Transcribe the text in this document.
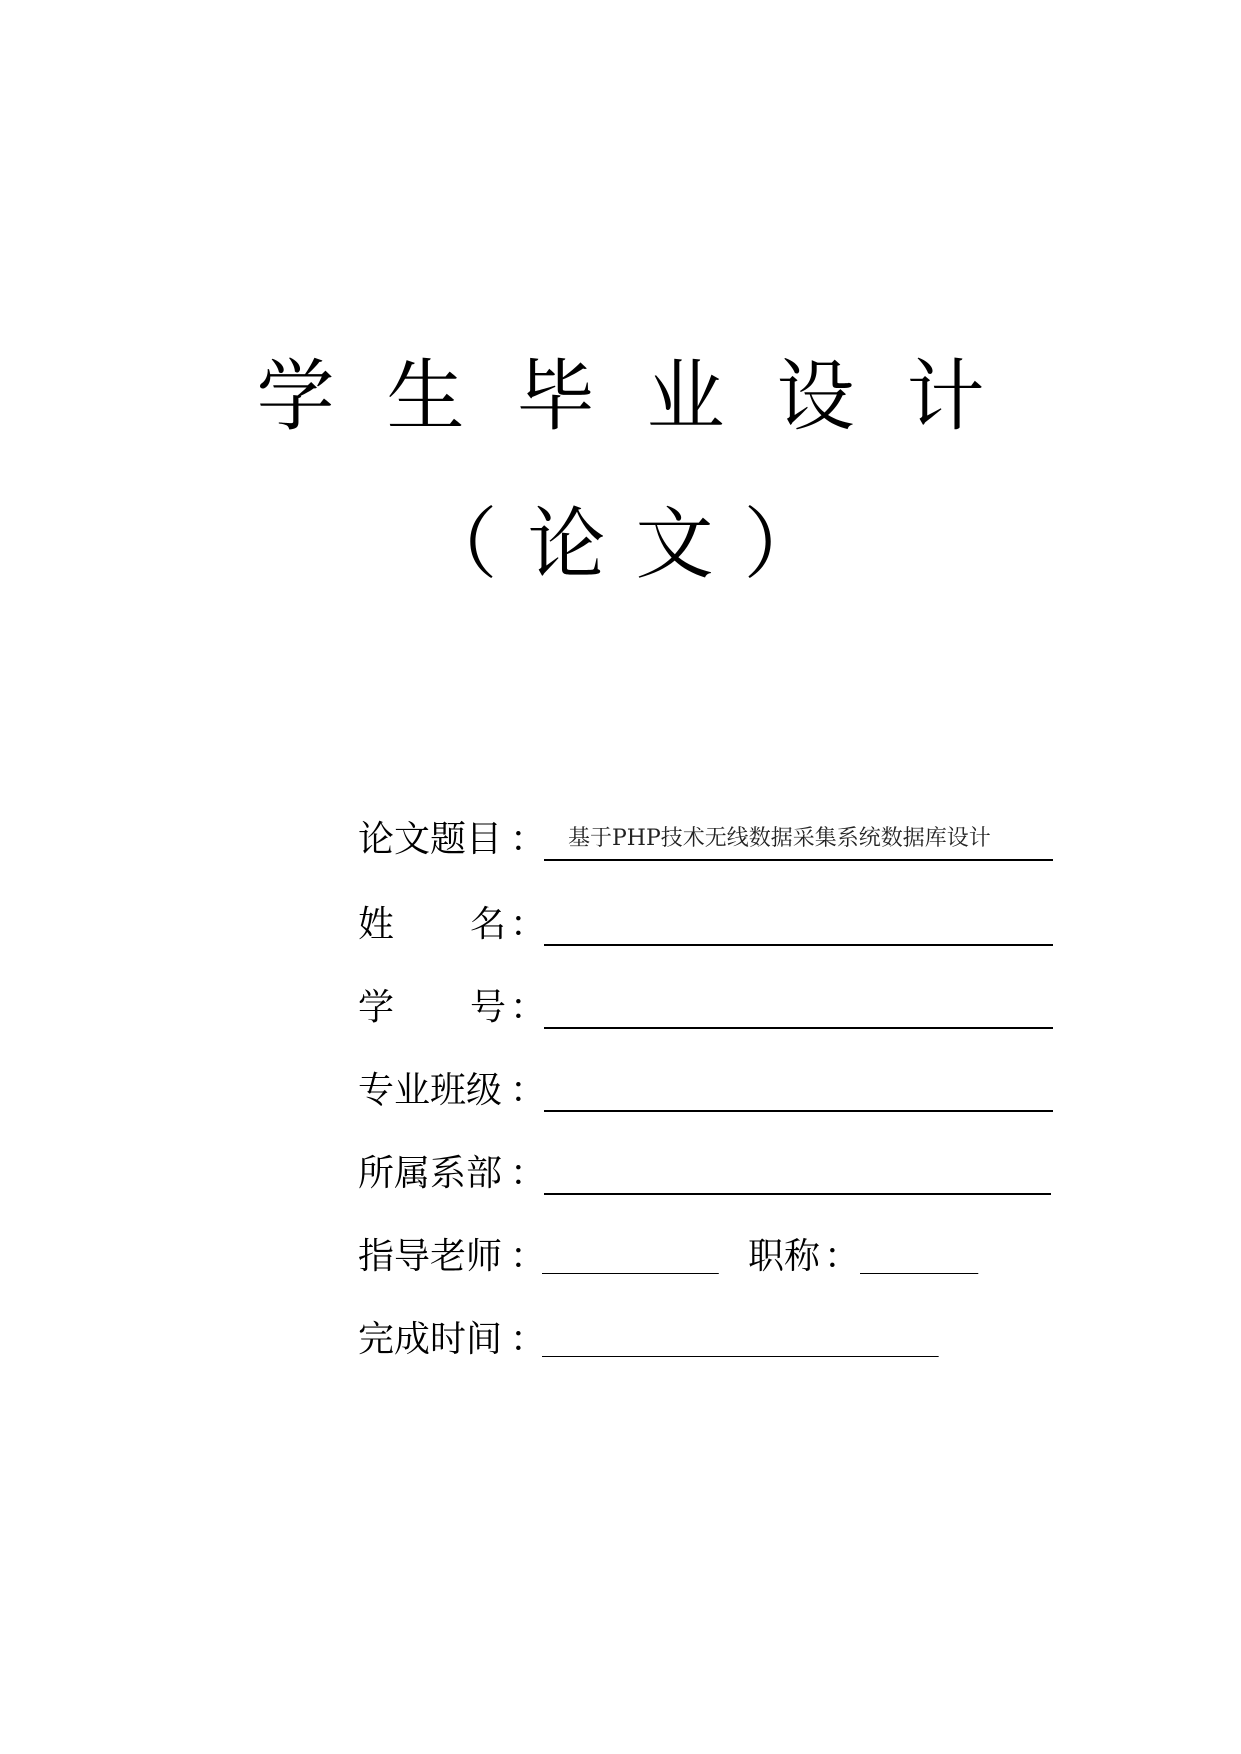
学生毕业设计
（论文）
论文题目 ： 基于PHP技术无线数据采集系统数据库设计
姓 名 ：
学 号 ：
专业班级 ：
所属系部 ：
指导老师 ：
____________ 职称 ： ________
完成时间 ：
___________________________
